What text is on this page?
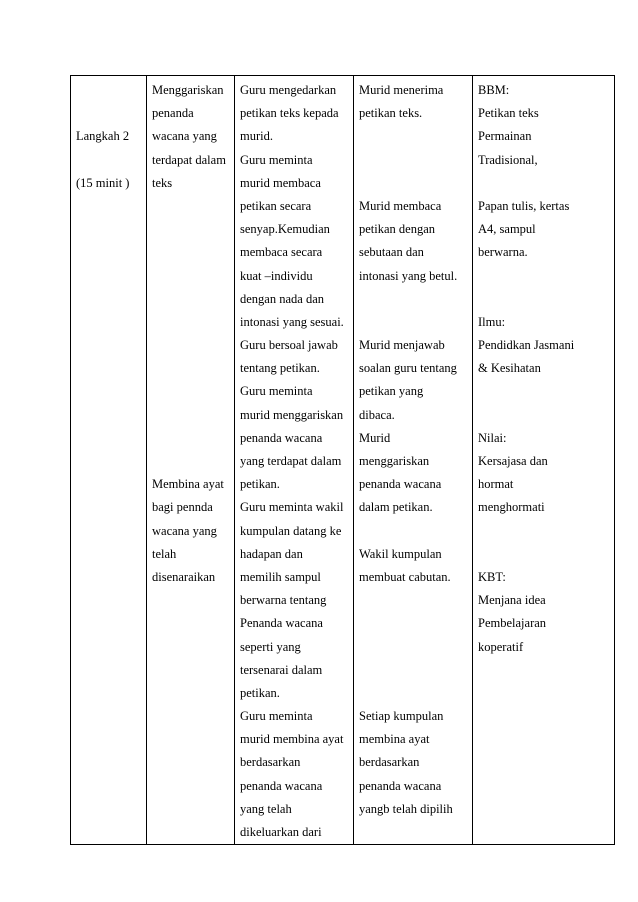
Langkah 2
(15 minit )

Menggariskan
penanda
wacana yang
terdapat dalam
teks
Membina ayat
bagi pennda
wacana yang
telah
disenaraikan

Guru mengedarkan
petikan teks kepada
murid.
Guru meminta
murid membaca
petikan secara
senyap.Kemudian
membaca secara
kuat –individu
dengan nada dan
intonasi yang sesuai.
Guru bersoal jawab
tentang petikan.
Guru meminta
murid menggariskan
penanda wacana
yang terdapat dalam
petikan.
Guru meminta wakil
kumpulan datang ke
hadapan dan
memilih sampul
berwarna tentang
Penanda wacana
seperti yang
tersenarai dalam
petikan.
Guru meminta
murid membina ayat
berdasarkan
penanda wacana
yang telah
dikeluarkan dari

Murid menerima
petikan teks.
Murid membaca
petikan dengan
sebutaan dan
intonasi yang betul.
Murid menjawab
soalan guru tentang
petikan yang
dibaca.
Murid
menggariskan
penanda wacana
dalam petikan.
Wakil kumpulan
membuat cabutan.
Setiap kumpulan
membina ayat
berdasarkan
penanda wacana
yangb telah dipilih

BBM:
Petikan teks
Permainan
Tradisional,
Papan tulis, kertas
A4, sampul
berwarna.
Ilmu:
Pendidkan Jasmani
& Kesihatan
Nilai:
Kersajasa dan
hormat
menghormati
KBT:
Menjana idea
Pembelajaran
koperatif
